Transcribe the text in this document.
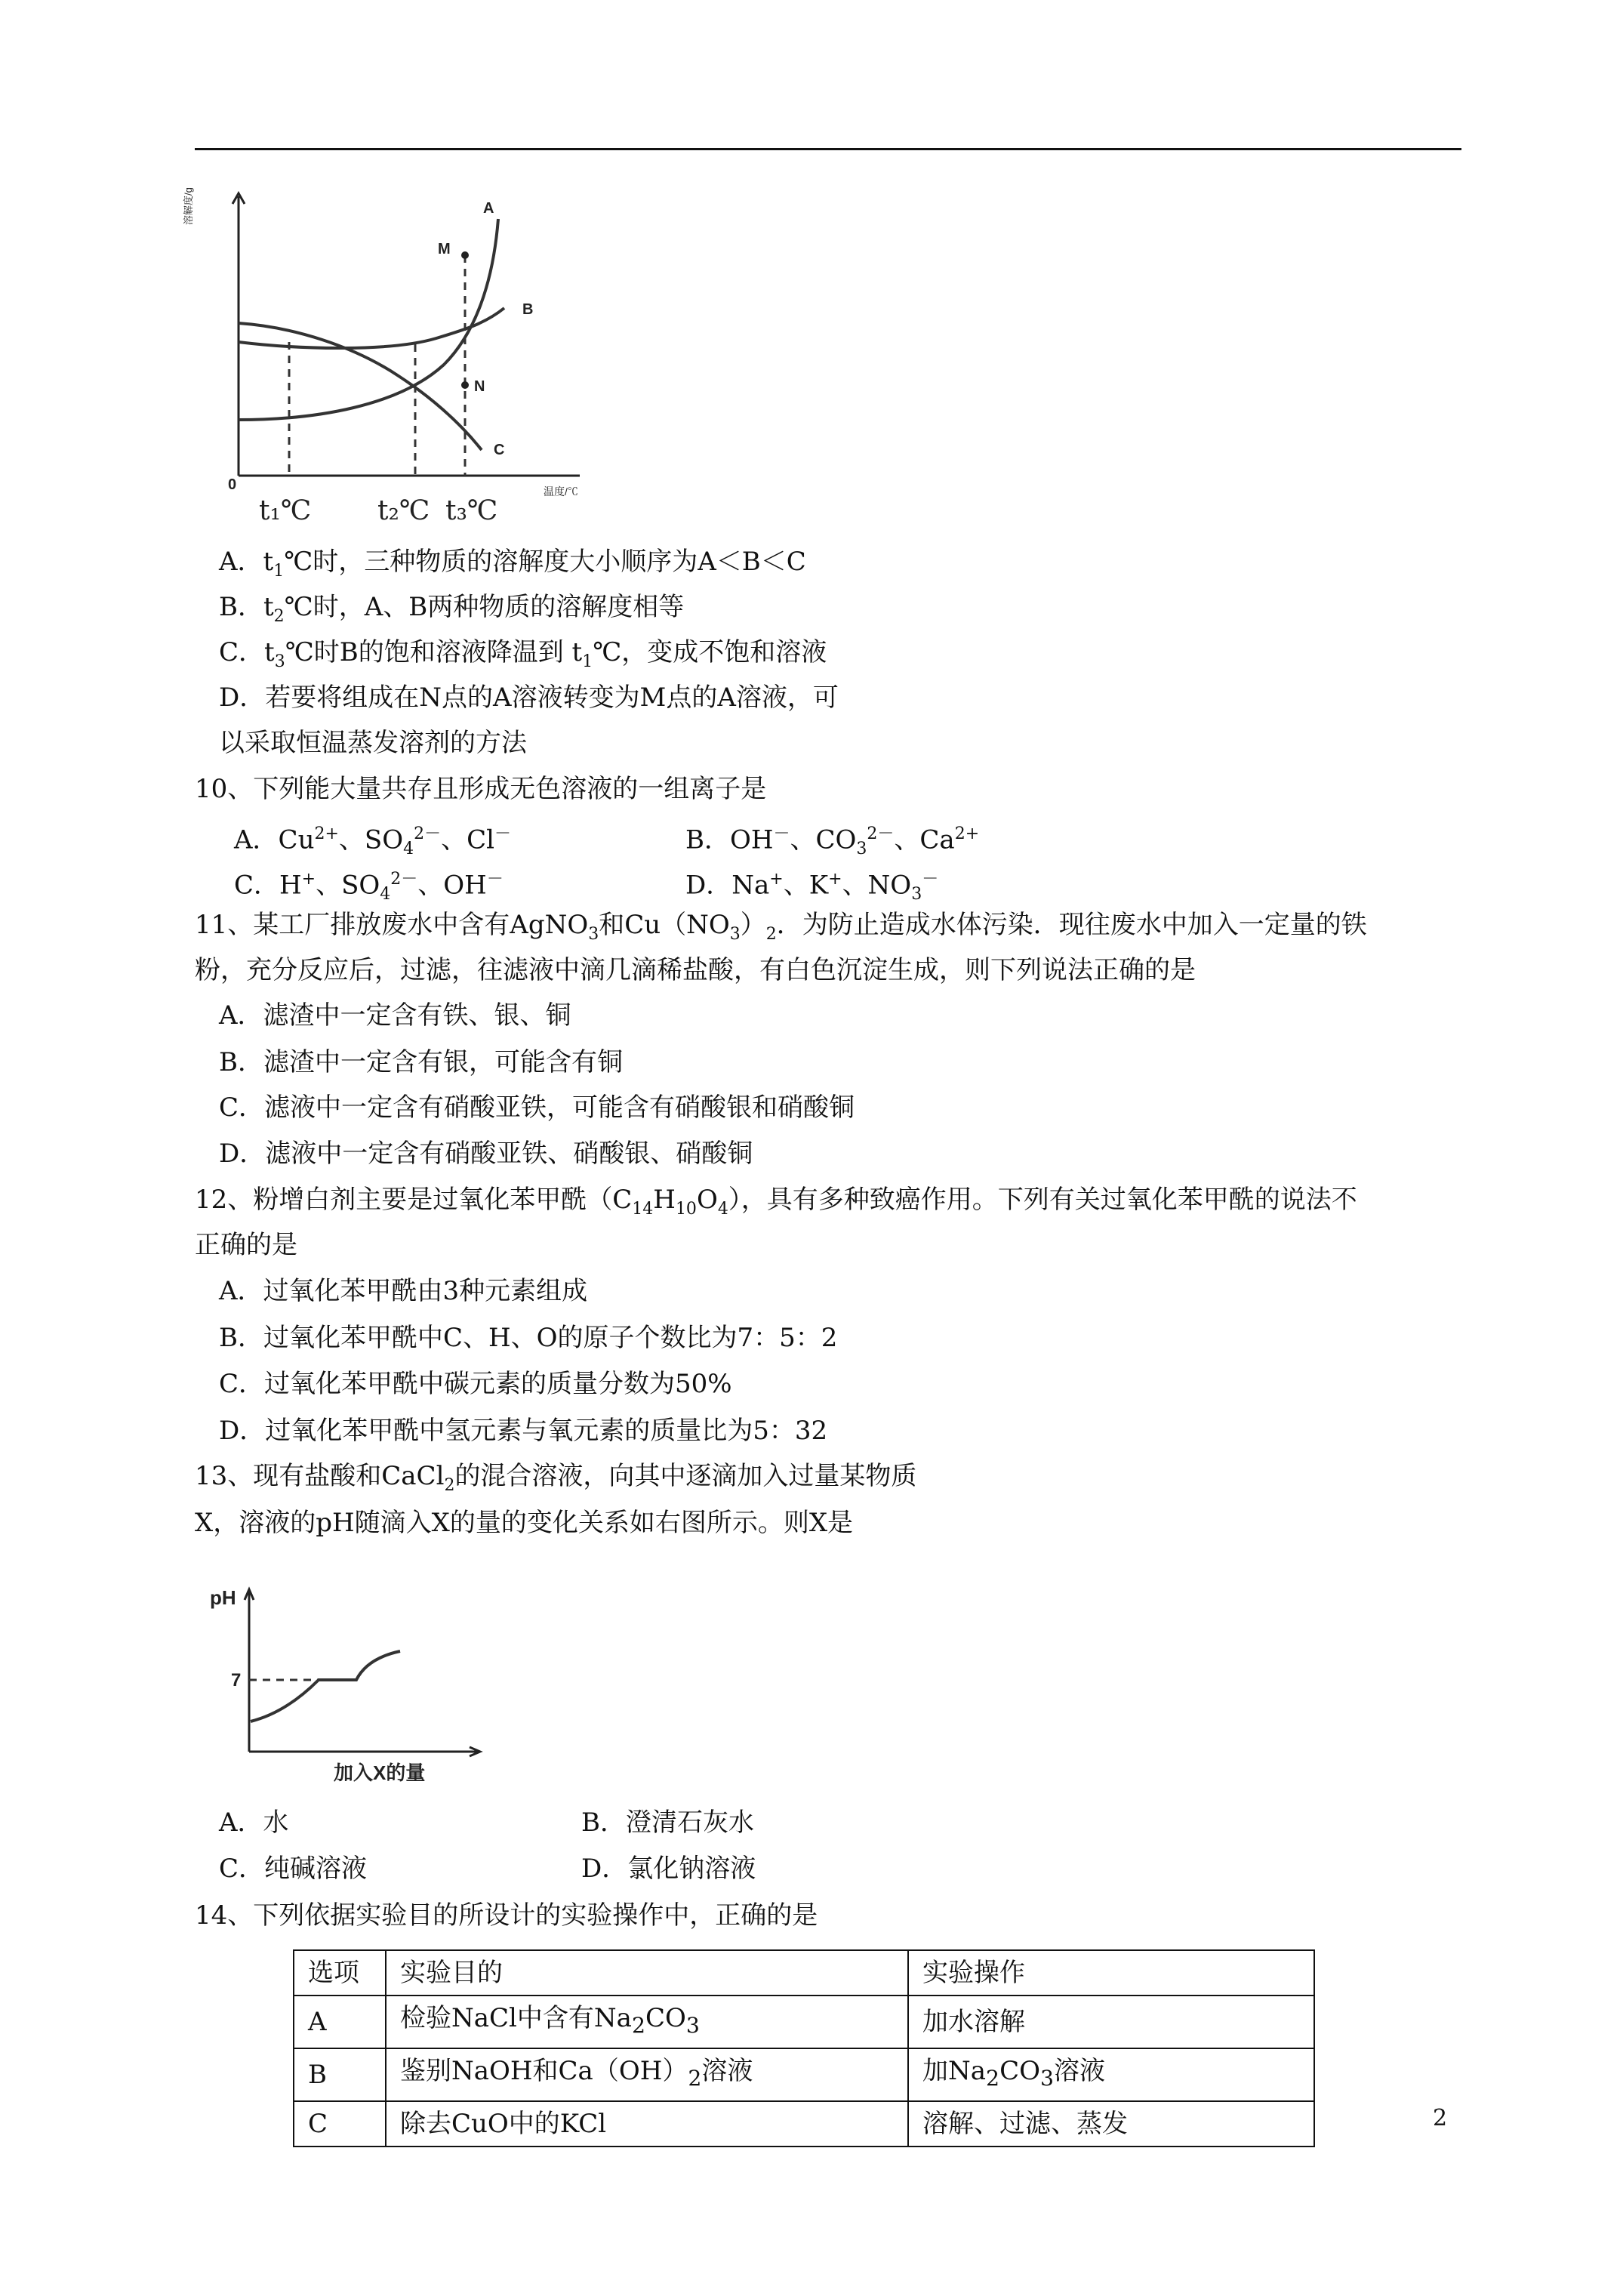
溶解度/g
温度/℃
0
A
B
C
M
N
t₁℃ t₂℃ t₃℃
A．$t_1℃$时，三种物质的溶解度大小顺序为A＜B＜C
B．$t_2℃$时，A、B两种物质的溶解度相等
C．$t_3℃$时B的饱和溶液降温到 $t_1℃$，变成不饱和溶液
D．若要将组成在N点的A溶液转变为M点的A溶液，可
以采取恒温蒸发溶剂的方法
10、下列能大量共存且形成无色溶液的一组离子是
A．$Cu^{2+}$、$SO_4^{2-}$、Cl－	B．OH－、$CO_3^{2-}$、$Ca^{2+}$
C．H+、$SO_4^{2-}$、OH－	D．Na+、K+、$NO_3^-$
11、某工厂排放废水中含有AgNO$_3$和$Cu(NO_3)_2$．为防止造成水体污染．现往废水中加入一定量的铁
粉，充分反应后，过滤，往滤液中滴几滴稀盐酸，有白色沉淀生成，则下列说法正确的是
A．滤渣中一定含有铁、银、铜
B．滤渣中一定含有银，可能含有铜
C．滤液中一定含有硝酸亚铁，可能含有硝酸银和硝酸铜
D．滤液中一定含有硝酸亚铁、硝酸银、硝酸铜
12、粉增白剂主要是过氧化苯甲酰$(C_{14}H_{10}O_4)$，具有多种致癌作用。下列有关过氧化苯甲酰的说法不
正确的是
A．过氧化苯甲酰由3种元素组成
B．过氧化苯甲酰中C、H、O的原子个数比为7：5：2
C．过氧化苯甲酰中碳元素的质量分数为50%
D．过氧化苯甲酰中氢元素与氧元素的质量比为5：32
13、现有盐酸和CaCl$_2$的混合溶液，向其中逐滴加入过量某物质
X，溶液的pH随滴入X的量的变化关系如右图所示。则X是
pH
7
加入X的量
A．水	B．澄清石灰水
C．纯碱溶液	D．氯化钠溶液
14、下列依据实验目的所设计的实验操作中，正确的是
选项	实验目的	实验操作
A	检验NaCl中含有$Na_2CO_3$	加水溶解
B	鉴别NaOH和$Ca(OH)_2$溶液	加$Na_2CO_3$溶液
C	除去CuO中的KCl	溶解、过滤、蒸发	2
